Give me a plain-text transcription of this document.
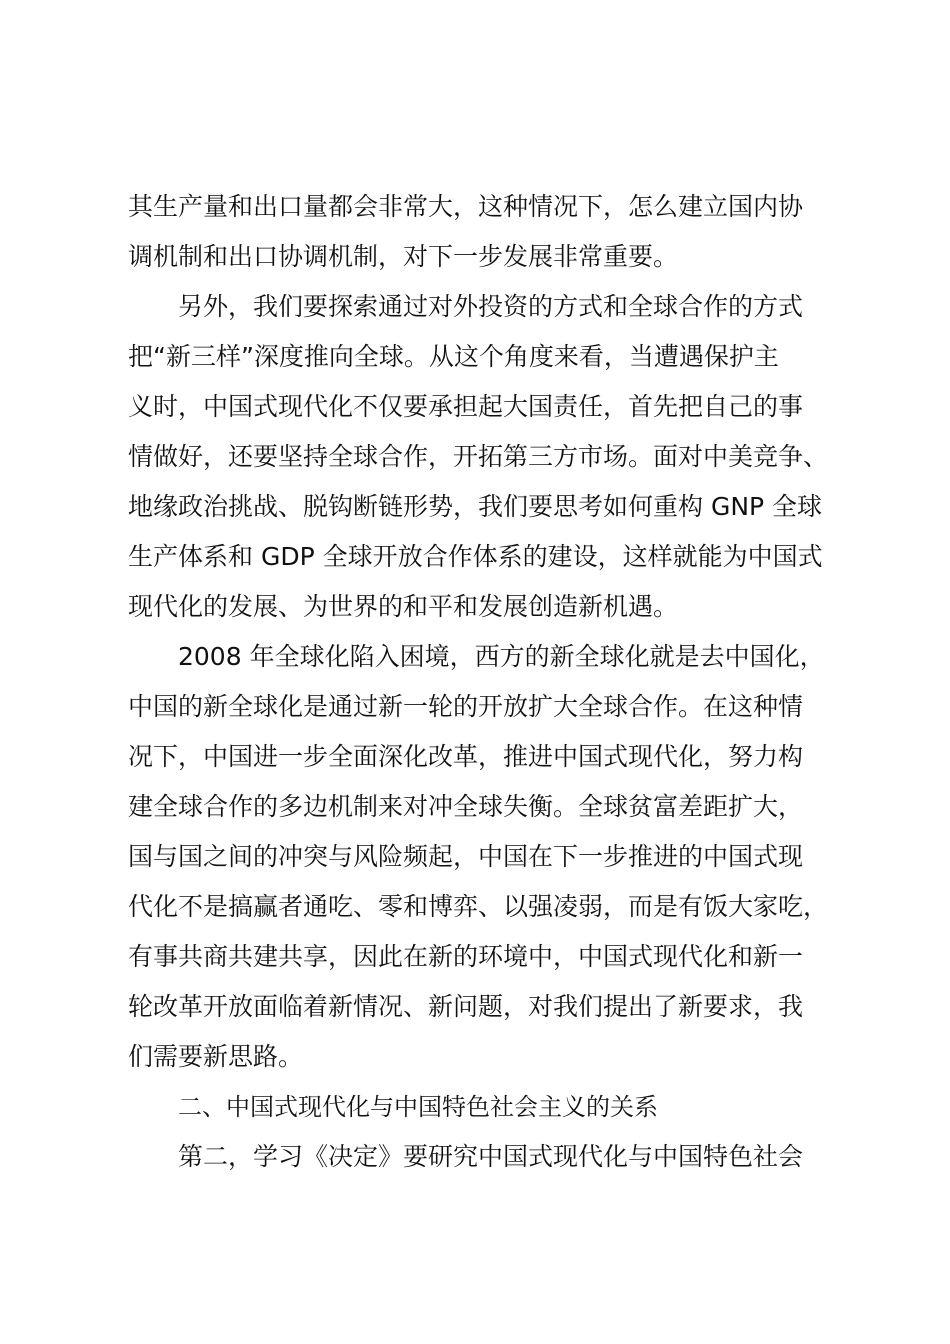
其生产量和出口量都会非常大，这种情况下，怎么建立国内协
调机制和出口协调机制，对下一步发展非常重要。
另外，我们要探索通过对外投资的方式和全球合作的方式
把“新三样”深度推向全球。从这个角度来看，当遭遇保护主
义时，中国式现代化不仅要承担起大国责任，首先把自己的事
情做好，还要坚持全球合作，开拓第三方市场。面对中美竞争、
地缘政治挑战、脱钩断链形势，我们要思考如何重构 GNP 全球
生产体系和 GDP 全球开放合作体系的建设，这样就能为中国式
现代化的发展、为世界的和平和发展创造新机遇。
2008 年全球化陷入困境，西方的新全球化就是去中国化，
中国的新全球化是通过新一轮的开放扩大全球合作。在这种情
况下，中国进一步全面深化改革，推进中国式现代化，努力构
建全球合作的多边机制来对冲全球失衡。全球贫富差距扩大，
国与国之间的冲突与风险频起，中国在下一步推进的中国式现
代化不是搞赢者通吃、零和博弈、以强凌弱，而是有饭大家吃，
有事共商共建共享，因此在新的环境中，中国式现代化和新一
轮改革开放面临着新情况、新问题，对我们提出了新要求，我
们需要新思路。
二、中国式现代化与中国特色社会主义的关系
第二，学习《决定》要研究中国式现代化与中国特色社会
